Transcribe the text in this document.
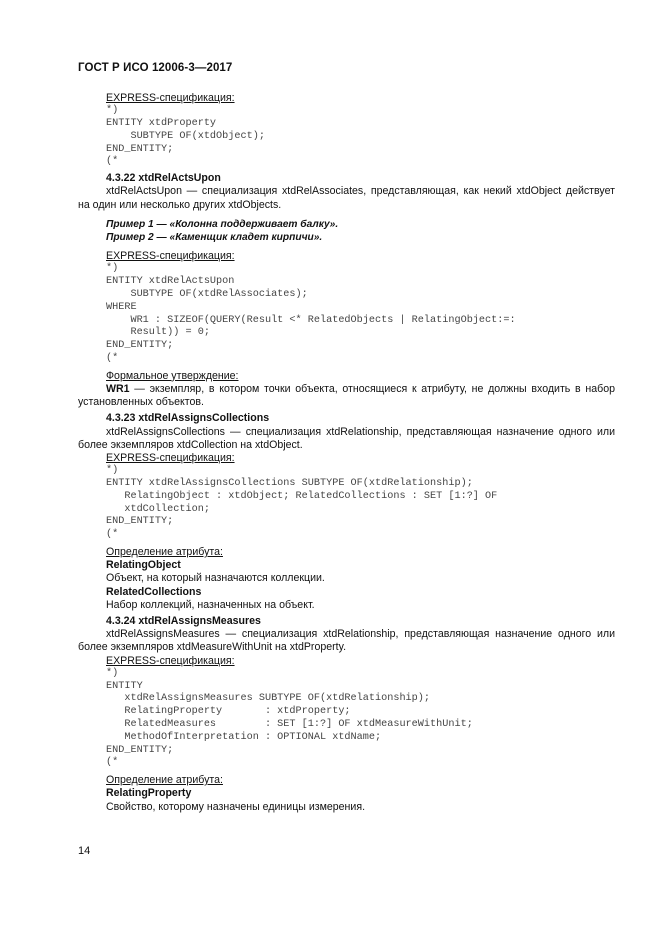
ГОСТ Р ИСО 12006-3—2017
EXPRESS-спецификация:
*)
ENTITY xtdProperty
SUBTYPE OF(xtdObject);
END_ENTITY;
(*
4.3.22 xtdRelActsUpon
xtdRelActsUpon — специализация xtdRelAssociates, представляющая, как некий xtdObject действует на один или несколько других xtdObjects.
Пример 1 — «Колонна поддерживает балку».
Пример 2 — «Каменщик кладет кирпичи».
EXPRESS-спецификация:
*)
ENTITY xtdRelActsUpon
SUBTYPE OF(xtdRelAssociates);
WHERE
WR1 : SIZEOF(QUERY(Result <* RelatedObjects | RelatingObject:=:
Result)) = 0;
END_ENTITY;
(*
Формальное утверждение:
WR1 — экземпляр, в котором точки объекта, относящиеся к атрибуту, не должны входить в набор установленных объектов.
4.3.23 xtdRelAssignsCollections
xtdRelAssignsCollections — специализация xtdRelationship, представляющая назначение одного или более экземпляров xtdCollection на xtdObject.
EXPRESS-спецификация:
*)
ENTITY xtdRelAssignsCollections SUBTYPE OF(xtdRelationship);
RelatingObject : xtdObject; RelatedCollections : SET [1:?] OF
xtdCollection;
END_ENTITY;
(*
Определение атрибута:
RelatingObject
Объект, на который назначаются коллекции.
RelatedCollections
Набор коллекций, назначенных на объект.
4.3.24 xtdRelAssignsMeasures
xtdRelAssignsMeasures — специализация xtdRelationship, представляющая назначение одного или более экземпляров xtdMeasureWithUnit на xtdProperty.
EXPRESS-спецификация:
*)
ENTITY
xtdRelAssignsMeasures SUBTYPE OF(xtdRelationship);
RelatingProperty       : xtdProperty;
RelatedMeasures        : SET [1:?] OF xtdMeasureWithUnit;
MethodOfInterpretation : OPTIONAL xtdName;
END_ENTITY;
(*
Определение атрибута:
RelatingProperty
Свойство, которому назначены единицы измерения.
14
